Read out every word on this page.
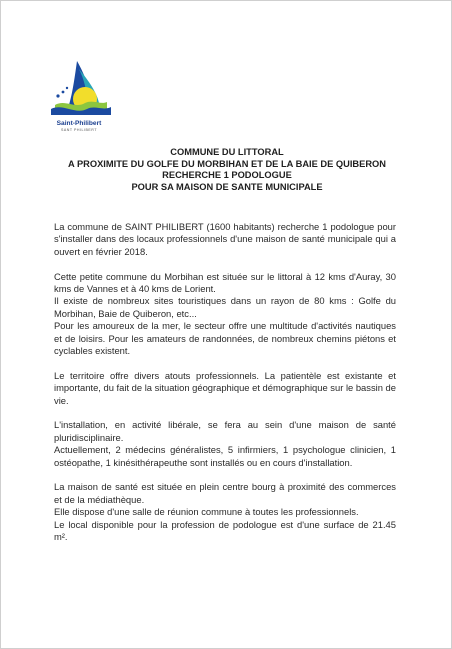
Saint-Philibert
SANT PHILIBERT
COMMUNE DU LITTORAL
A PROXIMITE DU GOLFE DU MORBIHAN ET DE LA BAIE DE QUIBERON
RECHERCHE 1 PODOLOGUE
POUR SA MAISON DE SANTE MUNICIPALE
La commune de SAINT PHILIBERT (1600 habitants) recherche 1 podologue pour s'installer dans des locaux professionnels d'une maison de santé municipale qui a ouvert en février 2018.
Cette petite commune du Morbihan est située sur le littoral à 12 kms d'Auray, 30 kms de Vannes et à 40 kms de Lorient.
Il existe de nombreux sites touristiques dans un rayon de 80 kms : Golfe du Morbihan, Baie de Quiberon, etc...
Pour les amoureux de la mer, le secteur offre une multitude d'activités nautiques et de loisirs. Pour les amateurs de randonnées, de nombreux chemins piétons et cyclables existent.
Le territoire offre divers atouts professionnels. La patientèle est existante et importante, du fait de la situation géographique et démographique sur le bassin de vie.
L'installation, en activité libérale, se fera au sein d'une maison de santé pluridisciplinaire.
Actuellement, 2 médecins généralistes, 5 infirmiers, 1 psychologue clinicien, 1 ostéopathe, 1 kinésithérapeuthe sont installés ou en cours d'installation.
La maison de santé est située en plein centre bourg à proximité des commerces et de la médiathèque.
Elle dispose d'une salle de réunion commune à toutes les professionnels.
Le local disponible pour la profession de podologue est d'une surface de 21.45 m².
